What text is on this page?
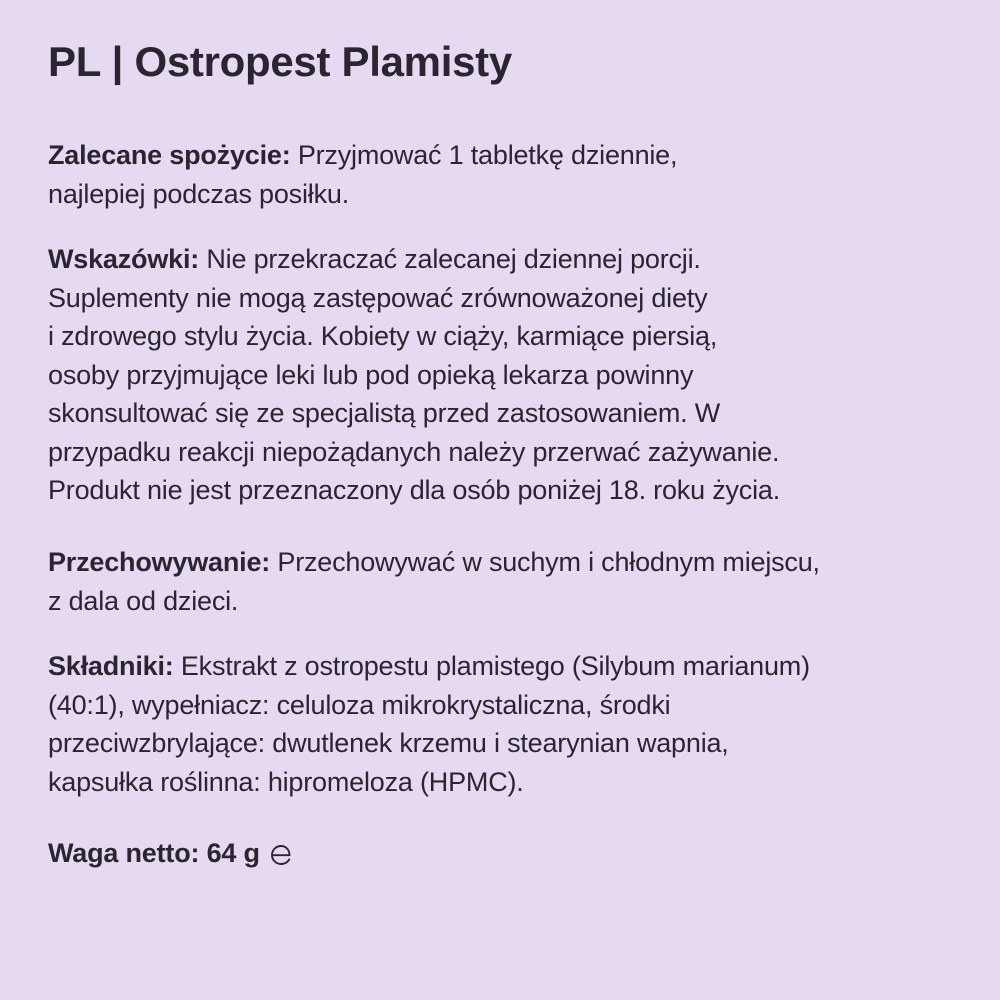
PL | Ostropest Plamisty

Zalecane spożycie: Przyjmować 1 tabletkę dziennie,
najlepiej podczas posiłku.

Wskazówki: Nie przekraczać zalecanej dziennej porcji.
Suplementy nie mogą zastępować zrównoważonej diety
i zdrowego stylu życia. Kobiety w ciąży, karmiące piersią,
osoby przyjmujące leki lub pod opieką lekarza powinny
skonsultować się ze specjalistą przed zastosowaniem. W
przypadku reakcji niepożądanych należy przerwać zażywanie.
Produkt nie jest przeznaczony dla osób poniżej 18. roku życia.

Przechowywanie: Przechowywać w suchym i chłodnym miejscu,
z dala od dzieci.

Składniki: Ekstrakt z ostropestu plamistego (Silybum marianum)
(40:1), wypełniacz: celuloza mikrokrystaliczna, środki
przeciwzbrylające: dwutlenek krzemu i stearynian wapnia,
kapsułka roślinna: hipromeloza (HPMC).

Waga netto: 64 g
